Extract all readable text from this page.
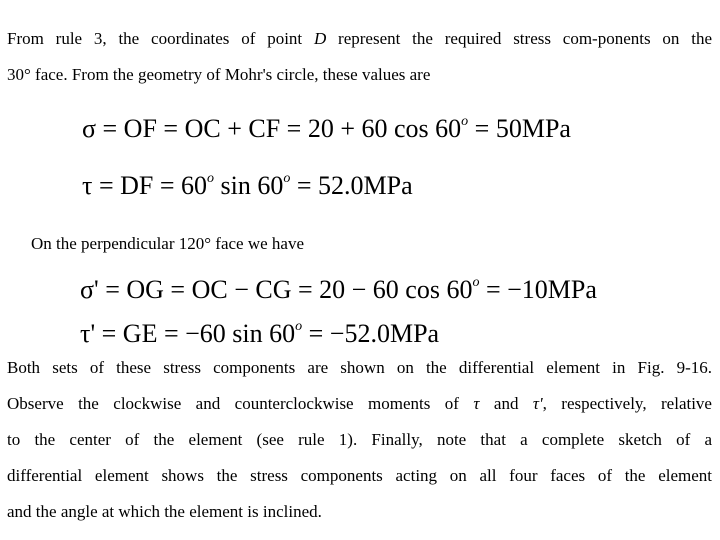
From rule 3, the coordinates of point D represent the required stress com-ponents on the
30° face. From the geometry of Mohr's circle, these values are
σ = OF = OC + CF = 20 + 60 $\cos 60^o = 50MPa$
τ = DF = $60^o$ $\sin 60^o = 52.0MPa$
On the perpendicular 120° face we have
σ' = OG = OC − CG = 20 − 60 $\cos 60^o = -10MPa$
τ' = GE = −60 $\sin 60^o = -52.0MPa$
Both sets of these stress components are shown on the differential element in Fig. 9-16.
Observe the clockwise and counterclockwise moments of τ and τ', respectively, relative
to the center of the element (see rule 1). Finally, note that a complete sketch of a
differential element shows the stress components acting on all four faces of the element
and the angle at which the element is inclined.
